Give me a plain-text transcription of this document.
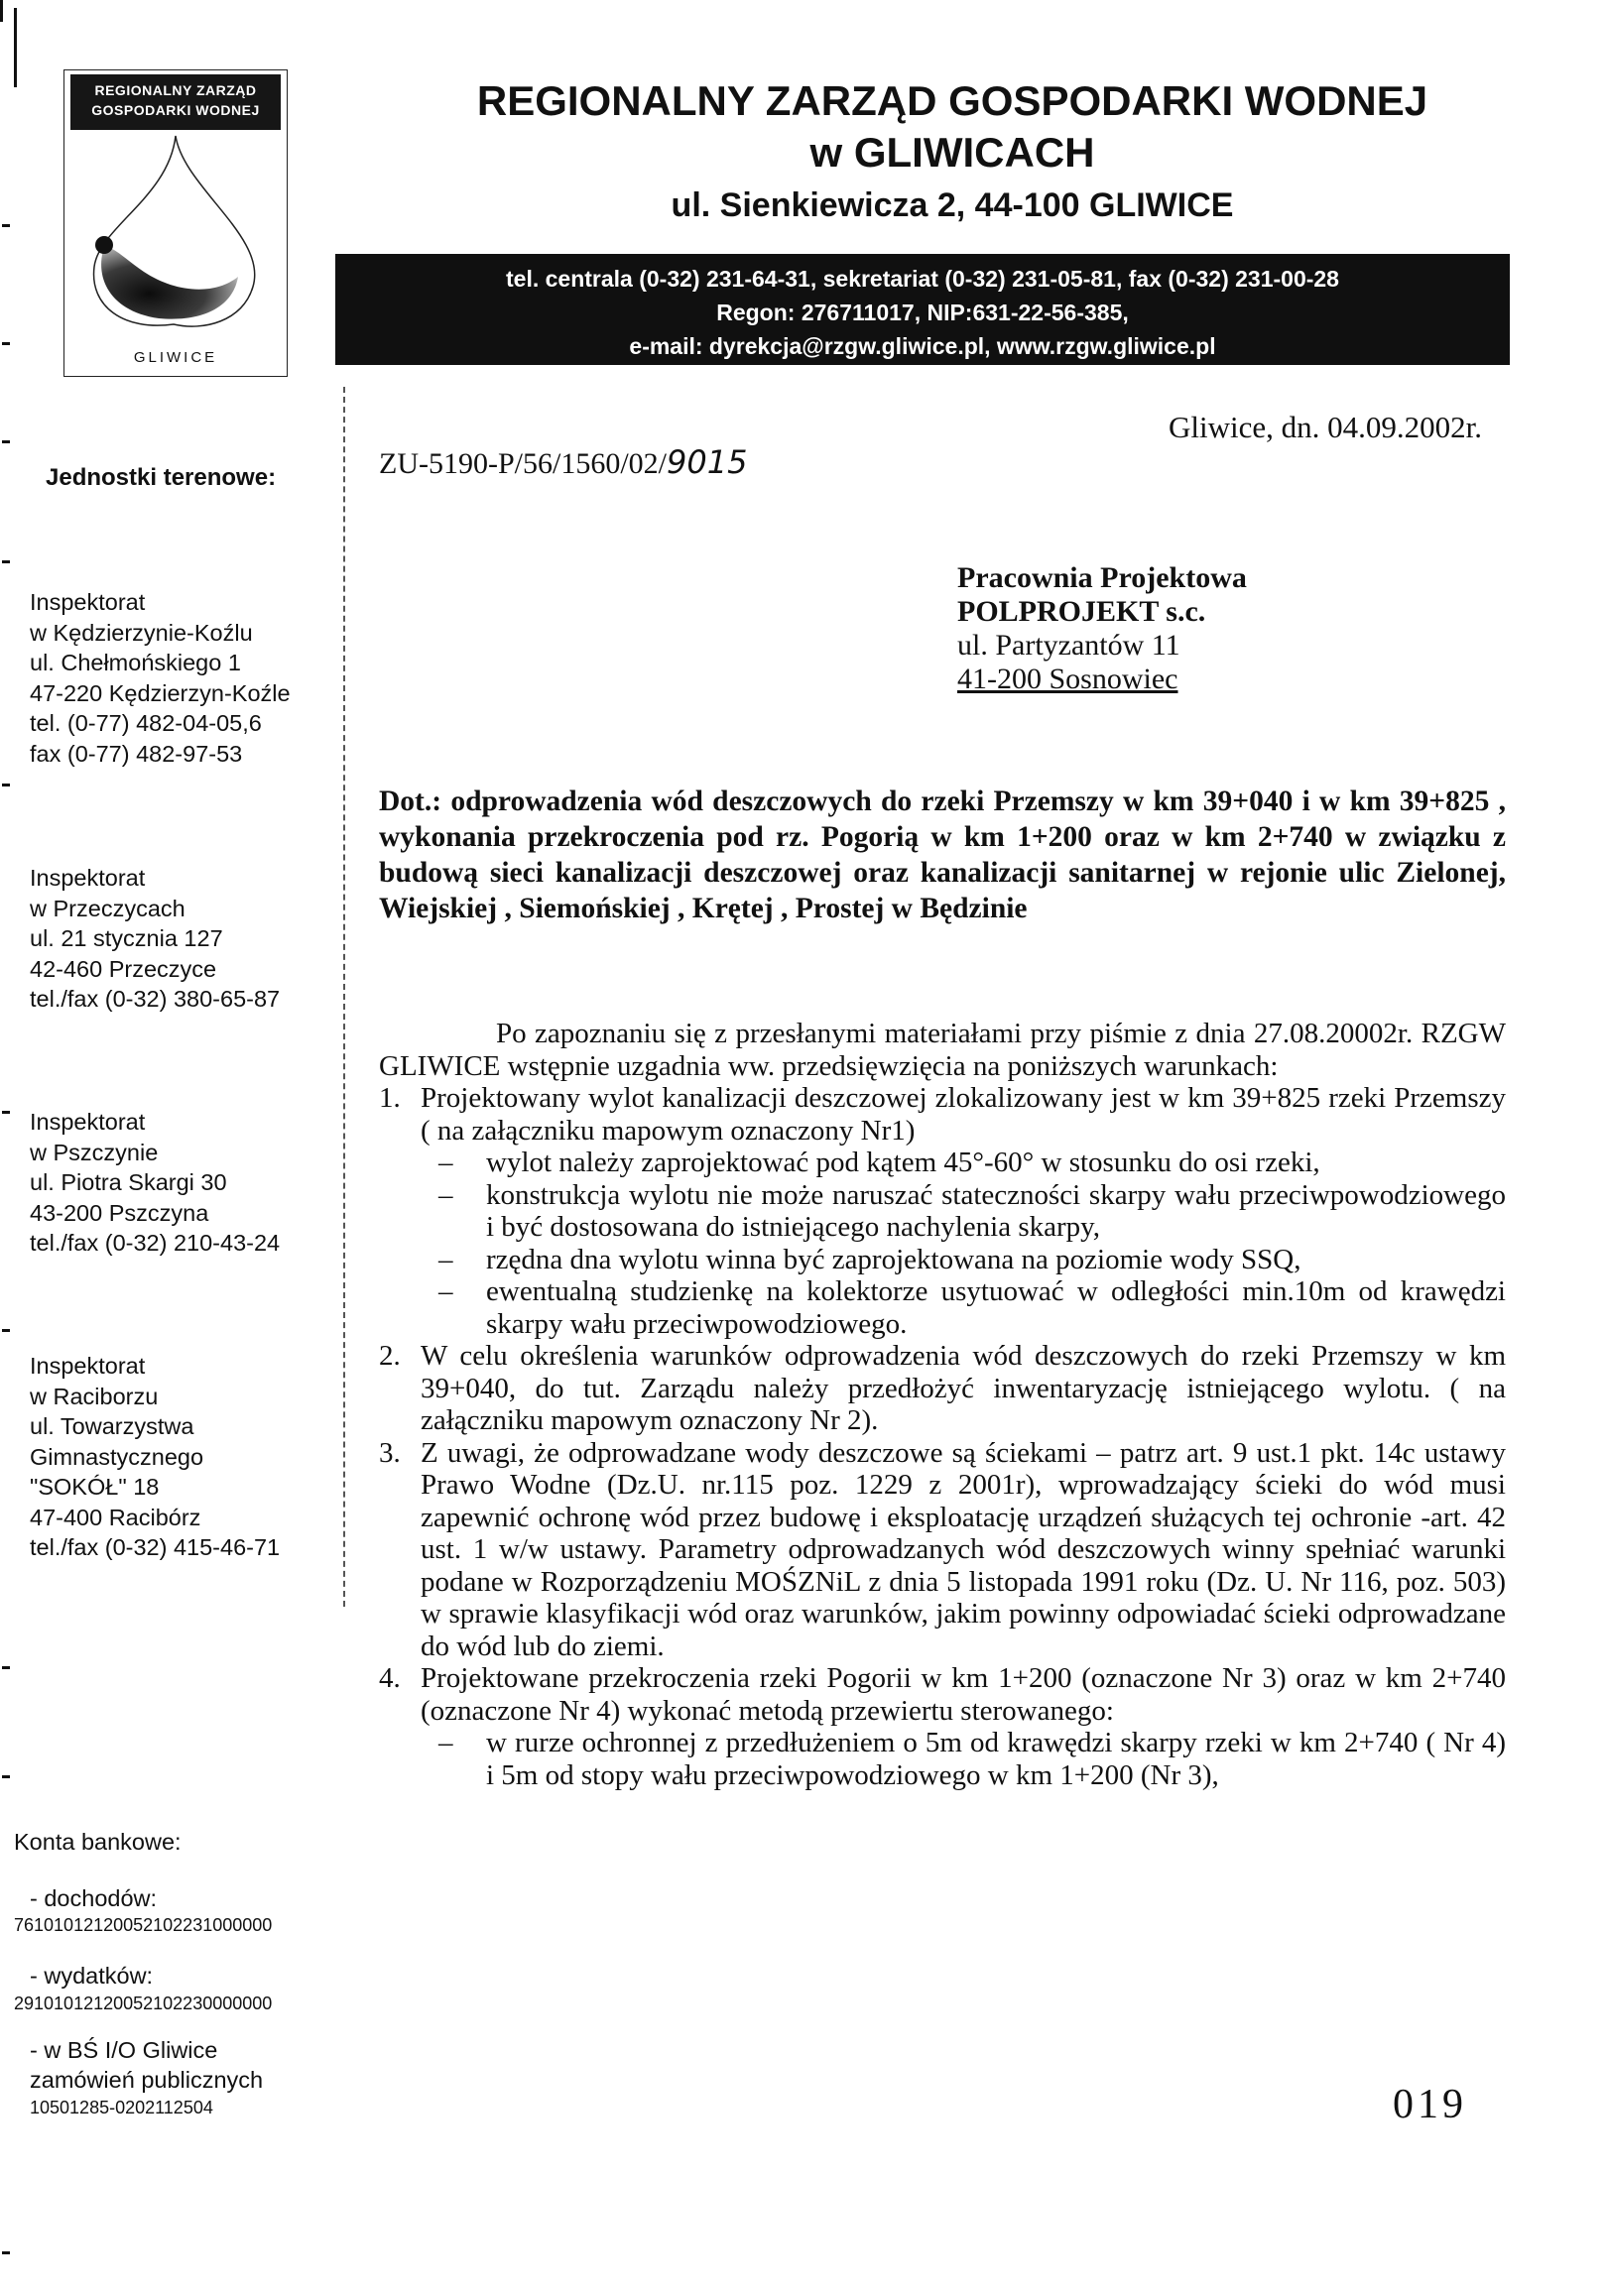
REGIONALNY ZARZĄD
GOSPODARKI WODNEJ
GLIWICE
REGIONALNY ZARZĄD GOSPODARKI WODNEJ
w GLIWICACH
ul. Sienkiewicza 2, 44-100 GLIWICE
tel. centrala (0-32) 231-64-31, sekretariat (0-32) 231-05-81, fax (0-32) 231-00-28
Regon: 276711017, NIP:631-22-56-385,
e-mail: dyrekcja@rzgw.gliwice.pl, www.rzgw.gliwice.pl
Jednostki terenowe:
Inspektorat
w Kędzierzynie-Koźlu
ul. Chełmońskiego 1
47-220 Kędzierzyn-Koźle
tel. (0-77) 482-04-05,6
fax (0-77) 482-97-53
Inspektorat
w Przeczycach
ul. 21 stycznia 127
42-460 Przeczyce
tel./fax (0-32) 380-65-87
Inspektorat
w Pszczynie
ul. Piotra Skargi 30
43-200 Pszczyna
tel./fax (0-32) 210-43-24
Inspektorat
w Raciborzu
ul. Towarzystwa
Gimnastycznego
"SOKÓŁ" 18
47-400 Racibórz
tel./fax (0-32) 415-46-71
Konta bankowe:
- dochodów:
76101012120052102231000000
- wydatków:
29101012120052102230000000
- w BŚ I/O Gliwice
zamówień publicznych
10501285-0202112504
ZU-5190-P/56/1560/02/9015
Gliwice, dn. 04.09.2002r.
Pracownia Projektowa
POLPROJEKT s.c.
ul. Partyzantów 11
41-200 Sosnowiec
Dot.: odprowadzenia wód deszczowych do rzeki Przemszy w km 39+040 i w km 39+825 , wykonania przekroczenia pod rz. Pogorią w km 1+200 oraz w km 2+740 w związku z budową sieci kanalizacji deszczowej oraz kanalizacji sanitarnej w rejonie ulic Zielonej, Wiejskiej , Siemońskiej , Krętej , Prostej w Będzinie

Po zapoznaniu się z przesłanymi materiałami przy piśmie z dnia 27.08.20002r. RZGW GLIWICE wstępnie uzgadnia ww. przedsięwzięcia na poniższych warunkach:

1. Projektowany wylot kanalizacji deszczowej zlokalizowany jest w km 39+825 rzeki Przemszy ( na załączniku mapowym oznaczony Nr1)
– wylot należy zaprojektować pod kątem 45°-60° w stosunku do osi rzeki,
– konstrukcja wylotu nie może naruszać stateczności skarpy wału przeciwpowodziowego i być dostosowana do istniejącego nachylenia skarpy,
– rzędna dna wylotu winna być zaprojektowana na poziomie wody SSQ,
– ewentualną studzienkę na kolektorze usytuować w odległości min.10m od krawędzi skarpy wału przeciwpowodziowego.
2. W celu określenia warunków odprowadzenia wód deszczowych do rzeki Przemszy w km 39+040, do tut. Zarządu należy przedłożyć inwentaryzację istniejącego wylotu. ( na załączniku mapowym oznaczony Nr 2).
3. Z uwagi, że odprowadzane wody deszczowe są ściekami – patrz art. 9 ust.1 pkt. 14c ustawy Prawo Wodne (Dz.U. nr.115 poz. 1229 z 2001r), wprowadzający ścieki do wód musi zapewnić ochronę wód przez budowę i eksploatację urządzeń służących tej ochronie -art. 42 ust. 1 w/w ustawy. Parametry odprowadzanych wód deszczowych winny spełniać warunki podane w Rozporządzeniu MOŚZNiL z dnia 5 listopada 1991 roku (Dz. U. Nr 116, poz. 503) w sprawie klasyfikacji wód oraz warunków, jakim powinny odpowiadać ścieki odprowadzane do wód lub do ziemi.
4. Projektowane przekroczenia rzeki Pogorii w km 1+200 (oznaczone Nr 3) oraz w km 2+740 (oznaczone Nr 4) wykonać metodą przewiertu sterowanego:
– w rurze ochronnej z przedłużeniem o 5m od krawędzi skarpy rzeki w km 2+740 ( Nr 4) i 5m od stopy wału przeciwpowodziowego w km 1+200 (Nr 3),
019
